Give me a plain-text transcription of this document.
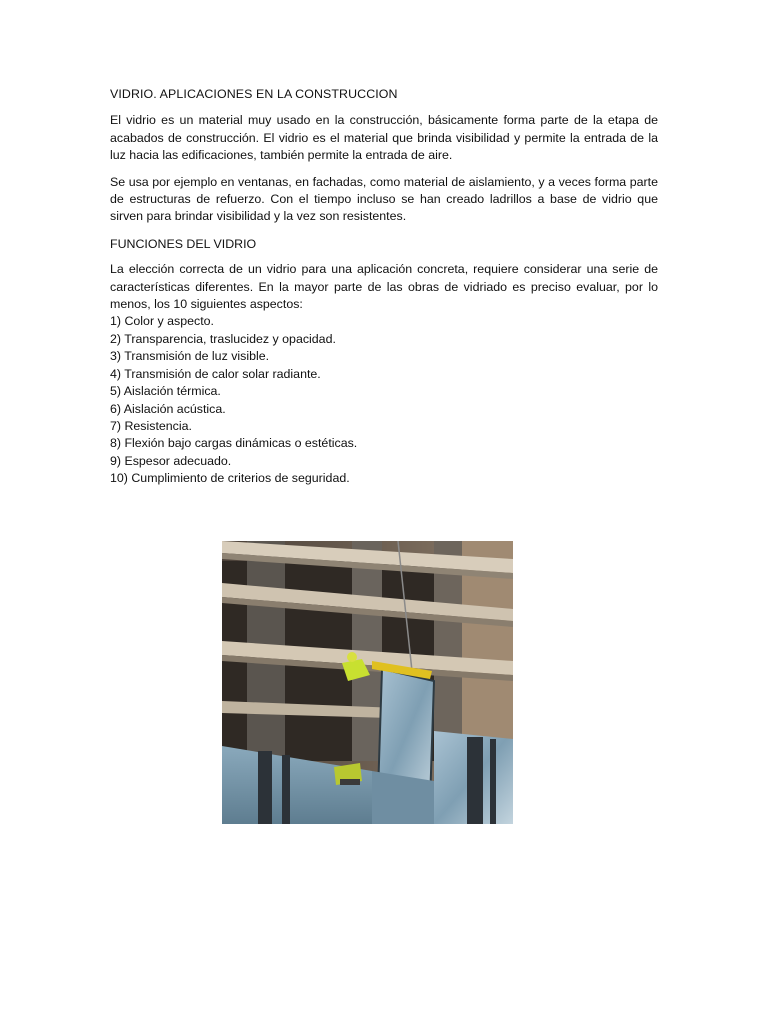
VIDRIO. APLICACIONES EN LA CONSTRUCCION

El vidrio es un material muy usado en la construcción, básicamente forma parte de la etapa de acabados de construcción. El vidrio es el material que brinda visibilidad y permite la entrada de la luz hacia las edificaciones, también permite la entrada de aire.

Se usa por ejemplo en ventanas, en fachadas, como material de aislamiento, y a veces forma parte de estructuras de refuerzo. Con el tiempo incluso se han creado ladrillos a base de vidrio que sirven para brindar visibilidad y la vez son resistentes.

FUNCIONES DEL VIDRIO

La elección correcta de un vidrio para una aplicación concreta, requiere considerar una serie de características diferentes. En la mayor parte de las obras de vidriado es preciso evaluar, por lo menos, los 10 siguientes aspectos:

1) Color y aspecto.
2) Transparencia, traslucidez y opacidad.
3) Transmisión de luz visible.
4) Transmisión de calor solar radiante.
5) Aislación térmica.
6) Aislación acústica.
7) Resistencia.
8) Flexión bajo cargas dinámicas o estéticas.
9) Espesor adecuado.
10) Cumplimiento de criterios de seguridad.
